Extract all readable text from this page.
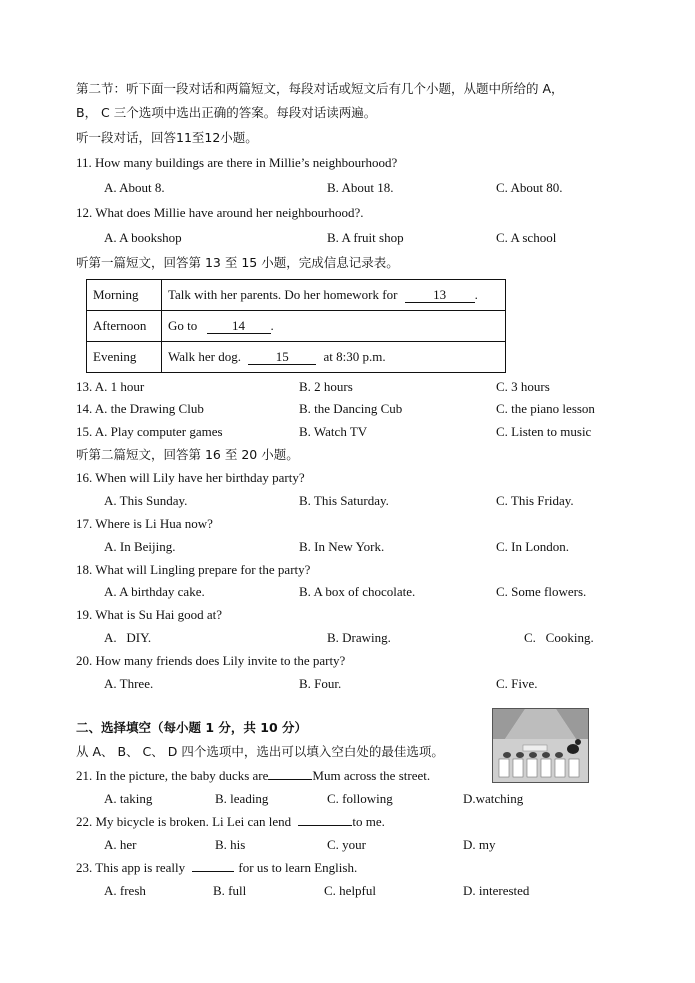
第二节：听下面一段对话和两篇短文，每段对话或短文后有几个小题，从题中所给的 A，
B， C 三个选项中选出正确的答案。每段对话读两遍。
听一段对话，回答11至12小题。
11. How many buildings are there in Millie’s neighbourhood?
A. About 8.	B. About 18.	C. About 80.
12. What does Millie have around her neighbourhood?.
A. A bookshop	B. A fruit shop	C. A school
听第一篇短文，回答第 13 至 15 小题，完成信息记录表。
Morning	Talk with her parents. Do her homework for 13 .
Afternoon	Go to 14 .
Evening	Walk her dog. 15 at 8:30 p.m.
13. A. 1 hour	B. 2 hours	C. 3 hours
14. A. the Drawing Club	B. the Dancing Cub	C. the piano lesson
15. A. Play computer games	B. Watch TV	C. Listen to music
听第二篇短文，回答第 16 至 20 小题。
16. When will Lily have her birthday party?
A. This Sunday.	B. This Saturday.	C. This Friday.
17. Where is Li Hua now?
A. In Beijing.	B. In New York.	C. In London.
18. What will Lingling prepare for the party?
A. A birthday cake.	B. A box of chocolate.	C. Some flowers.
19. What is Su Hai good at?
A.   DIY.	B. Drawing.	C.   Cooking.
20. How many friends does Lily invite to the party?
A. Three.	B. Four.	C. Five.
二、选择填空（每小题 1 分，共 10 分）
从 A、 B、 C、 D 四个选项中，选出可以填入空白处的最佳选项。
21. In the picture, the baby ducks are	Mum across the street.
A. taking	B. leading	C. following	D.watching
22. My bicycle is broken. Li Lei can lend	to me.
A. her	B. his	C. your	D. my
23. This app is really	for us to learn English.
A. fresh	B. full	C. helpful	D. interested
